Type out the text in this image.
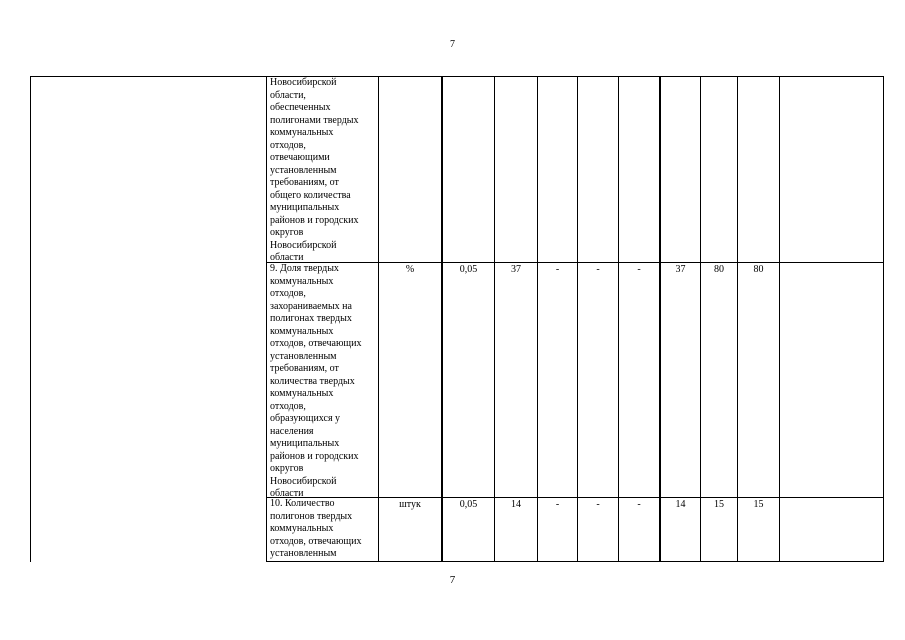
7
Новосибирской
области,
обеспеченных
полигонами твердых
коммунальных
отходов,
отвечающими
установленным
требованиям, от
общего количества
муниципальных
районов и городских
округов
Новосибирской
области
9. Доля твердых
коммунальных
отходов,
захораниваемых на
полигонах твердых
коммунальных
отходов, отвечающих
установленным
требованиям, от
количества твердых
коммунальных
отходов,
образующихся у
населения
муниципальных
районов и городских
округов
Новосибирской
области
%	0,05	37	-	-	-	37	80	80
10. Количество
полигонов твердых
коммунальных
отходов, отвечающих
установленным
штук	0,05	14	-	-	-	14	15	15
7
